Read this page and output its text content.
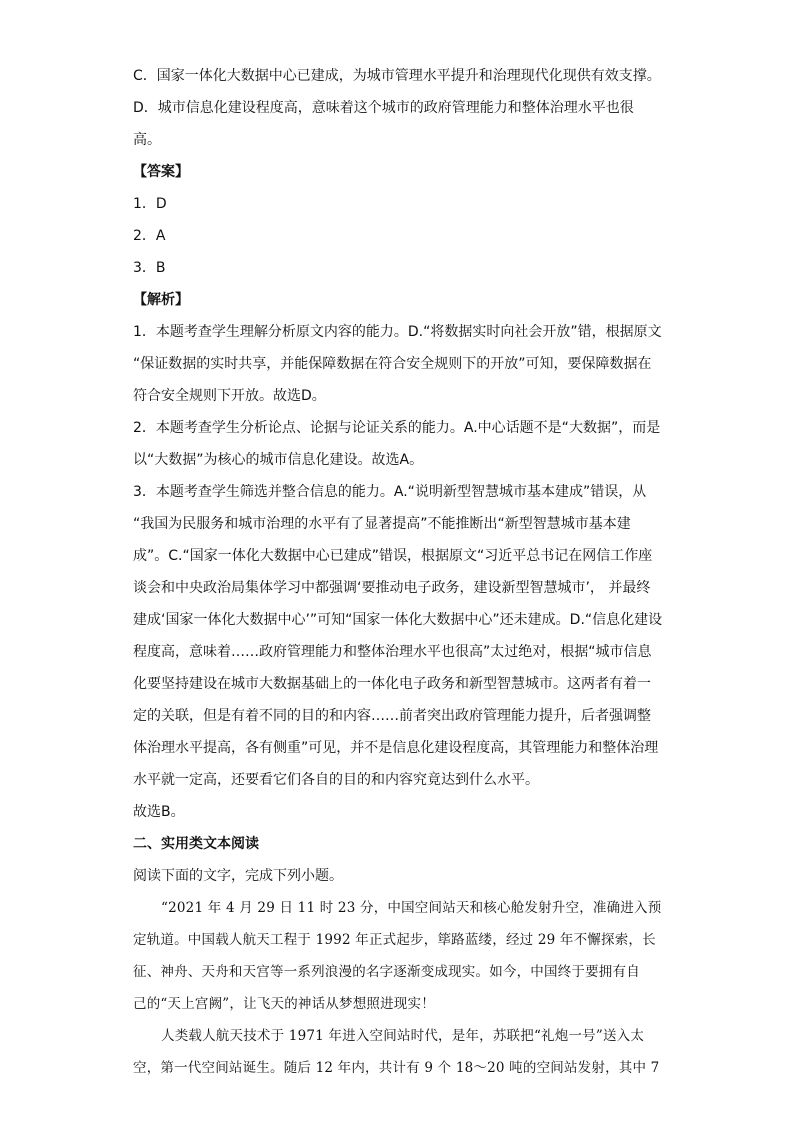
C．国家一体化大数据中心已建成，为城市管理水平提升和治理现代化现供有效支撑。
D．城市信息化建设程度高，意味着这个城市的政府管理能力和整体治理水平也很
高。
【答案】
1．D
2．A
3．B
【解析】
1．本题考查学生理解分析原文内容的能力。D.“将数据实时向社会开放”错，根据原文
“保证数据的实时共享，并能保障数据在符合安全规则下的开放”可知，要保障数据在
符合安全规则下开放。故选D。
2．本题考查学生分析论点、论据与论证关系的能力。A.中心话题不是“大数据”，而是
以“大数据”为核心的城市信息化建设。故选A。
3．本题考查学生筛选并整合信息的能力。A.“说明新型智慧城市基本建成”错误，从
“我国为民服务和城市治理的水平有了显著提高”不能推断出“新型智慧城市基本建
成”。C.“国家一体化大数据中心已建成”错误，根据原文“习近平总书记在网信工作座
谈会和中央政治局集体学习中都强调‘要推动电子政务，建设新型智慧城市’， 并最终
建成‘国家一体化大数据中心’”可知“国家一体化大数据中心”还未建成。D.“信息化建设
程度高，意味着……政府管理能力和整体治理水平也很高”太过绝对，根据“城市信息
化要坚持建设在城市大数据基础上的一体化电子政务和新型智慧城市。这两者有着一
定的关联，但是有着不同的目的和内容……前者突出政府管理能力提升，后者强调整
体治理水平提高，各有侧重”可见，并不是信息化建设程度高，其管理能力和整体治理
水平就一定高，还要看它们各自的目的和内容究竟达到什么水平。
故选B。
二、实用类文本阅读
阅读下面的文字，完成下列小题。
“2021 年 4 月 29 日 11 时 23 分，中国空间站天和核心舱发射升空，准确进入预
定轨道。中国载人航天工程于 1992 年正式起步，筚路蓝缕，经过 29 年不懈探索，长
征、神舟、天舟和天宫等一系列浪漫的名字逐渐变成现实。如今，中国终于要拥有自
己的“天上宫阙”，让飞天的神话从梦想照进现实！
人类载人航天技术于 1971 年进入空间站时代，是年，苏联把“礼炮一号”送入太
空，第一代空间站诞生。随后 12 年内，共计有 9 个 18～20 吨的空间站发射，其中 7
